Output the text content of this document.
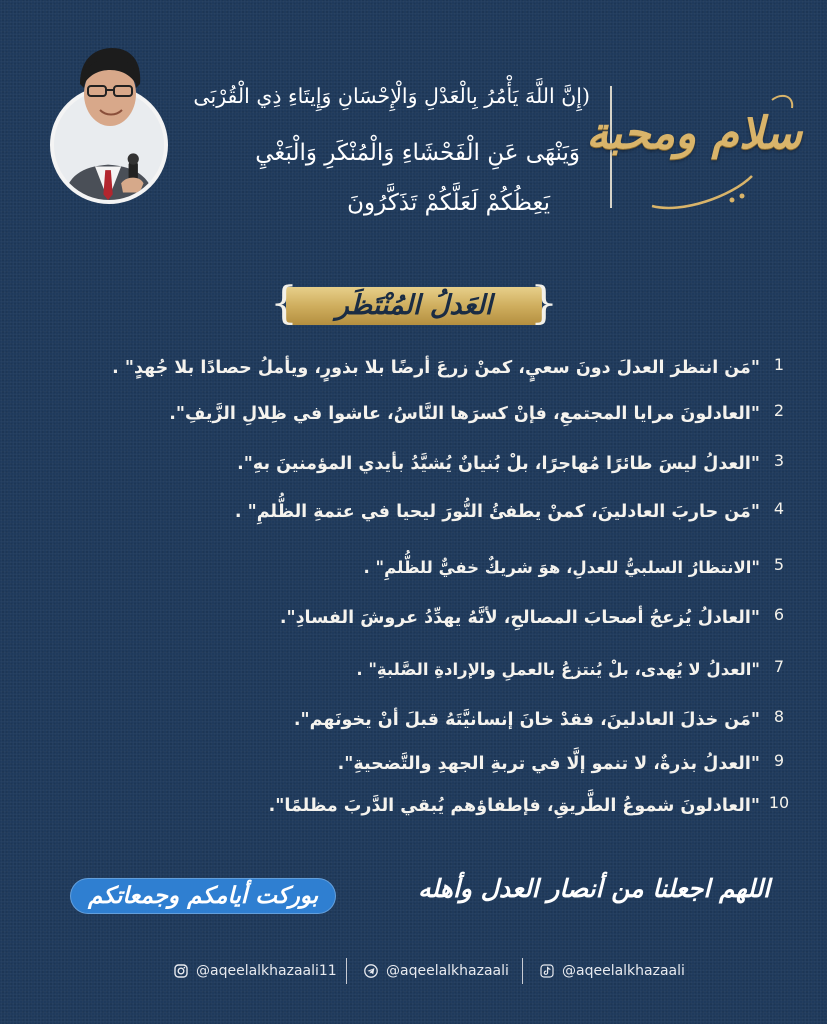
(إِنَّ اللَّهَ يَأْمُرُ بِالْعَدْلِ وَالْإِحْسَانِ وَإِيتَاءِ ذِي الْقُرْبَى
وَيَنْهَى عَنِ الْفَحْشَاءِ وَالْمُنْكَرِ وَالْبَغْيِ
يَعِظُكُمْ لَعَلَّكُمْ تَذَكَّرُونَ
سلام ومحبة
العَدلُ المُنْتَظَر
{	}
1
"مَن انتظرَ العدلَ دونَ سعيٍ، كمنْ زرعَ أرضًا بلا بذورٍ، ويأملُ حصادًا بلا جُهدٍ" .
2
"العادلونَ مرايا المجتمعِ، فإنْ كسرَها النَّاسُ، عاشوا في ظِلالِ الزَّيفِ".
3
"العدلُ ليسَ طائرًا مُهاجرًا، بلْ بُنيانٌ يُشيَّدُ بأيدي المؤمنينَ بهِ".
4
"مَن حاربَ العادلينَ، كمنْ يطفئُ النُّورَ ليحيا في عتمةِ الظُّلمِ" .
5
"الانتظارُ السلبيُّ للعدلِ، هوَ شريكٌ خفيٌّ للظُّلمِ" .
6
"العادلُ يُزعجُ أصحابَ المصالحِ، لأنَّهُ يهدِّدُ عروشَ الفسادِ".
7
"العدلُ لا يُهدى، بلْ يُنتزعُ بالعملِ والإرادةِ الصَّلبةِ" .
8
"مَن خذلَ العادلينَ، فقدْ خانَ إنسانيَّتَهُ قبلَ أنْ يخونَهم".
9
"العدلُ بذرةٌ، لا تنمو إلَّا في تربةِ الجهدِ والتَّضحيةِ".
10
"العادلونَ شموعُ الطَّريقِ، فإطفاؤهم يُبقي الدَّربَ مظلمًا".
اللهم اجعلنا من أنصار العدل وأهله
بوركت أيامكم وجمعاتكم
@aqeelalkhazaali11	@aqeelalkhazaali	@aqeelalkhazaali
